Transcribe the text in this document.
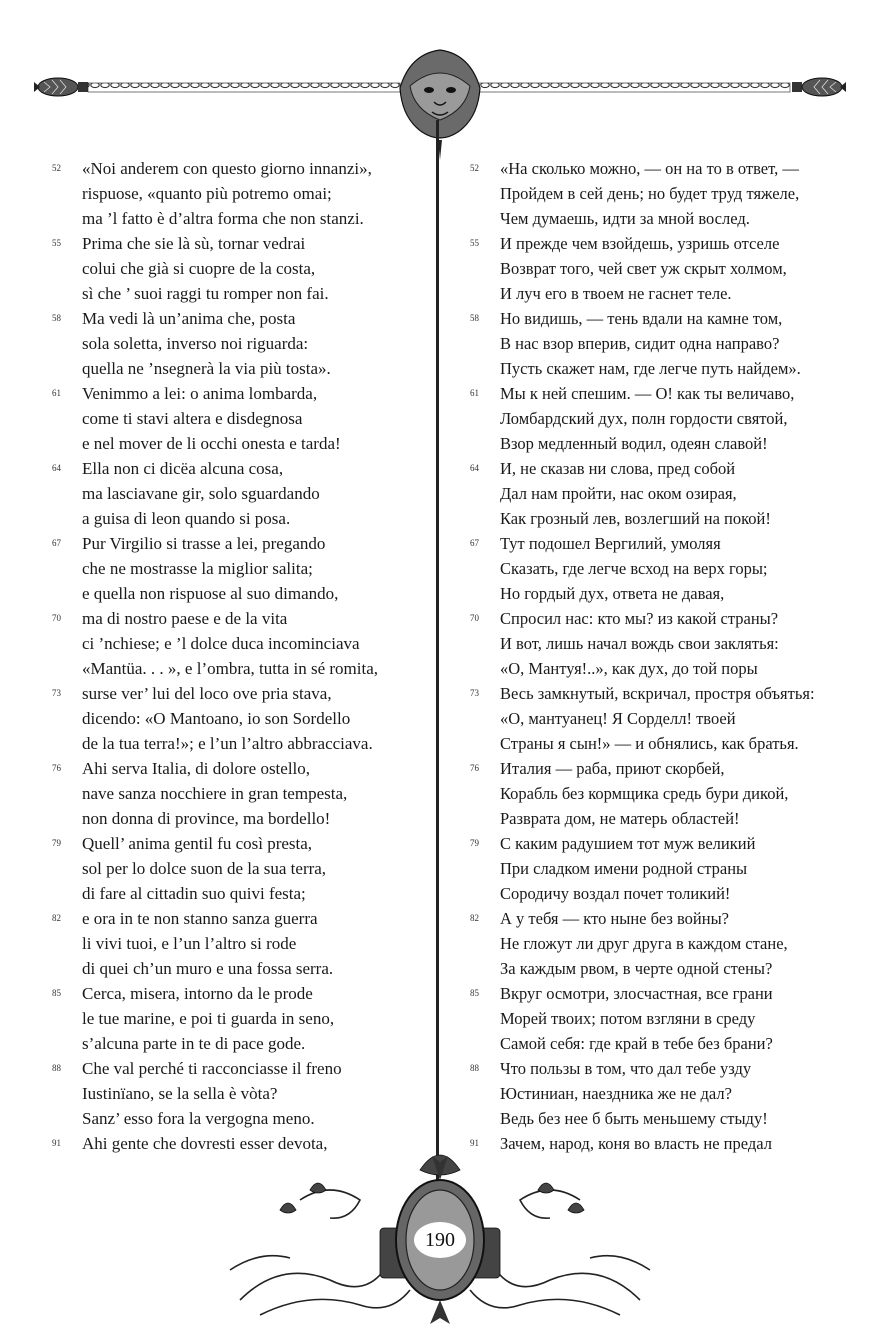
52	«Noi anderem con questo giorno innanzi»,
rispuose, «quanto più potremo omai;
ma ’l fatto è d’altra forma che non stanzi.
55	Prima che sie là sù, tornar vedrai
colui che già si cuopre de la costa,
sì che ’ suoi raggi tu romper non fai.
58	Ma vedi là un’anima che, posta
sola soletta, inverso noi riguarda:
quella ne ’nsegnerà la via più tosta».
61	Venimmo a lei: o anima lombarda,
come ti stavi altera e disdegnosa
e nel mover de li occhi onesta e tarda!
64	Ella non ci dicëa alcuna cosa,
ma lasciavane gir, solo sguardando
a guisa di leon quando si posa.
67	Pur Virgilio si trasse a lei, pregando
che ne mostrasse la miglior salita;
e quella non rispuose al suo dimando,
70	ma di nostro paese e de la vita
ci ’nchiese; e ’l dolce duca incominciava
«Mantüa. . . », e l’ombra, tutta in sé romita,
73	surse ver’ lui del loco ove pria stava,
dicendo: «O Mantoano, io son Sordello
de la tua terra!»; e l’un l’altro abbracciava.
76	Ahi serva Italia, di dolore ostello,
nave sanza nocchiere in gran tempesta,
non donna di province, ma bordello!
79	Quell’ anima gentil fu così presta,
sol per lo dolce suon de la sua terra,
di fare al cittadin suo quivi festa;
82	e ora in te non stanno sanza guerra
li vivi tuoi, e l’un l’altro si rode
di quei ch’un muro e una fossa serra.
85	Cerca, misera, intorno da le prode
le tue marine, e poi ti guarda in seno,
s’alcuna parte in te di pace gode.
88	Che val perché ti racconciasse il freno
Iustinïano, se la sella è vòta?
Sanz’ esso fora la vergogna meno.
91	Ahi gente che dovresti esser devota,
52	«На сколько можно, — он на то в ответ, —
Пройдем в сей день; но будет труд тяжеле,
Чем думаешь, идти за мной вослед.
55	И прежде чем взойдешь, узришь отселе
Возврат того, чей свет уж скрыт холмом,
И луч его в твоем не гаснет теле.
58	Но видишь, — тень вдали на камне том,
В нас взор вперив, сидит одна направо?
Пусть скажет нам, где легче путь найдем».
61	Мы к ней спешим. — О! как ты величаво,
Ломбардский дух, полн гордости святой,
Взор медленный водил, одеян славой!
64	И, не сказав ни слова, пред собой
Дал нам пройти, нас оком озирая,
Как грозный лев, возлегший на покой!
67	Тут подошел Вергилий, умоляя
Сказать, где легче всход на верх горы;
Но гордый дух, ответа не давая,
70	Спросил нас: кто мы? из какой страны?
И вот, лишь начал вождь свои заклятья:
«О, Мантуя!..», как дух, до той поры
73	Весь замкнутый, вскричал, простря объятья:
«О, мантуанец! Я Сорделл! твоей
Страны я сын!» — и обнялись, как братья.
76	Италия — раба, приют скорбей,
Корабль без кормщика средь бури дикой,
Развратa дом, не матерь областей!
79	С каким радушием тот муж великий
При сладком имени родной страны
Сородичу воздал почет толикий!
82	А у тебя — кто ныне без войны?
Не гложут ли друг друга в каждом стане,
За каждым рвом, в черте одной стены?
85	Вкруг осмотри, злосчастная, все грани
Морей твоих; потом взгляни в среду
Самой себя: где край в тебе без брани?
88	Что пользы в том, что дал тебе узду
Юстиниан, наездника же не дал?
Ведь без нее б быть меньшему стыду!
91	Зачем, народ, коня во власть не предал
190
